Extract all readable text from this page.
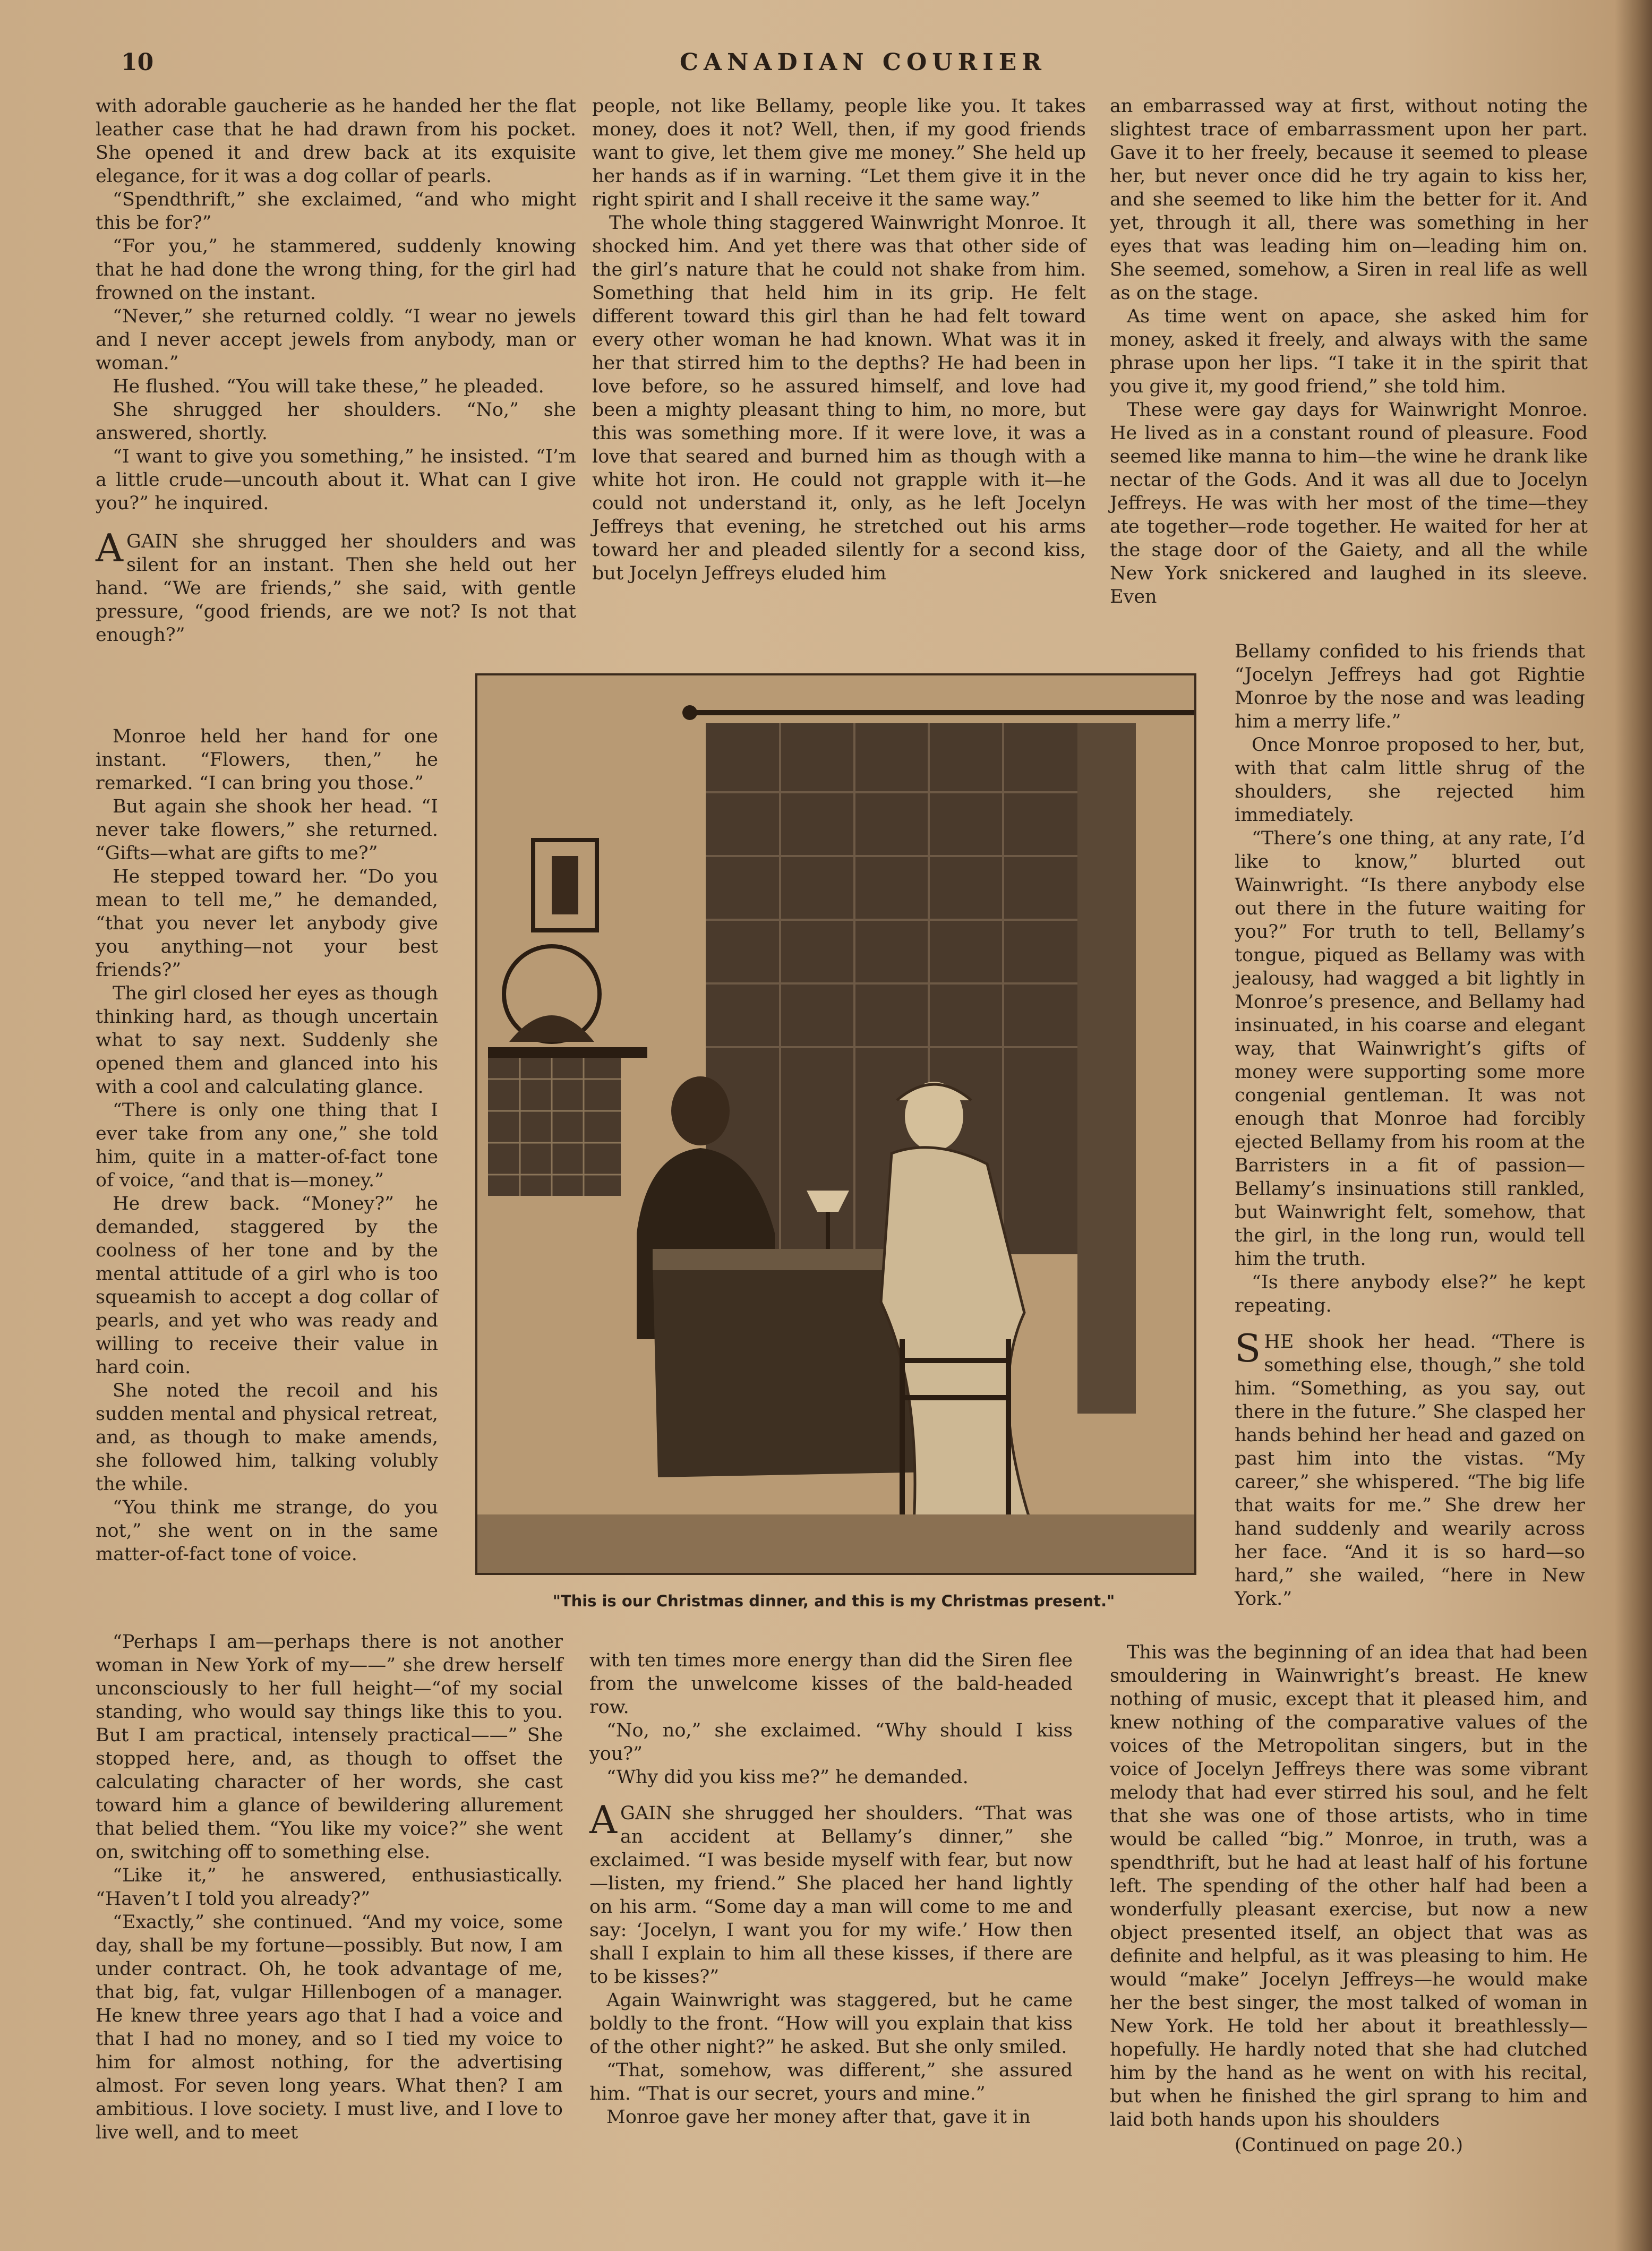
10	CANADIAN COURIER

with adorable gaucherie as he handed her the flat leather case that he had drawn from his pocket. She opened it and drew back at its exquisite elegance, for it was a dog collar of pearls.

“Spendthrift,” she exclaimed, “and who might this be for?”

“For you,” he stammered, suddenly knowing that he had done the wrong thing, for the girl had frowned on the instant.

“Never,” she returned coldly. “I wear no jewels and I never accept jewels from anybody, man or woman.”

He flushed. “You will take these,” he pleaded.

She shrugged her shoulders. “No,” she answered, shortly.

“I want to give you something,” he insisted. “I’m a little crude—uncouth about it. What can I give you?” he inquired.

AGAIN she shrugged her shoulders and was silent for an instant. Then she held out her hand. “We are friends,” she said, with gentle pressure, “good friends, are we not? Is not that enough?”

Monroe held her hand for one instant. “Flowers, then,” he remarked. “I can bring you those.”

But again she shook her head. “I never take flowers,” she returned. “Gifts—what are gifts to me?”

He stepped toward her. “Do you mean to tell me,” he demanded, “that you never let anybody give you anything—not your best friends?”

The girl closed her eyes as though thinking hard, as though uncertain what to say next. Suddenly she opened them and glanced into his with a cool and calculating glance.

“There is only one thing that I ever take from any one,” she told him, quite in a matter-of-fact tone of voice, “and that is—money.”

He drew back. “Money?” he demanded, staggered by the coolness of her tone and by the mental attitude of a girl who is too squeamish to accept a dog collar of pearls, and yet who was ready and willing to receive their value in hard coin.

She noted the recoil and his sudden mental and physical retreat, and, as though to make amends, she followed him, talking volubly the while.

“You think me strange, do you not,” she went on in the same matter-of-fact tone of voice.

“Perhaps I am—perhaps there is not another woman in New York of my——” she drew herself unconsciously to her full height—“of my social standing, who would say things like this to you. But I am practical, intensely practical——” She stopped here, and, as though to offset the calculating character of her words, she cast toward him a glance of bewildering allurement that belied them. “You like my voice?” she went on, switching off to something else.

“Like it,” he answered, enthusiastically. “Haven’t I told you already?”

“Exactly,” she continued. “And my voice, some day, shall be my fortune—possibly. But now, I am under contract. Oh, he took advantage of me, that big, fat, vulgar Hillenbogen of a manager. He knew three years ago that I had a voice and that I had no money, and so I tied my voice to him for almost nothing, for the advertising almost. For seven long years. What then? I am ambitious. I love society. I must live, and I love to live well, and to meet

people, not like Bellamy, people like you. It takes money, does it not? Well, then, if my good friends want to give, let them give me money.” She held up her hands as if in warning. “Let them give it in the right spirit and I shall receive it the same way.”

The whole thing staggered Wainwright Monroe. It shocked him. And yet there was that other side of the girl’s nature that he could not shake from him. Something that held him in its grip. He felt different toward this girl than he had felt toward every other woman he had known. What was it in her that stirred him to the depths? He had been in love before, so he assured himself, and love had been a mighty pleasant thing to him, no more, but this was something more. If it were love, it was a love that seared and burned him as though with a white hot iron. He could not grapple with it—he could not understand it, only, as he left Jocelyn Jeffreys that evening, he stretched out his arms toward her and pleaded silently for a second kiss, but Jocelyn Jeffreys eluded him

with ten times more energy than did the Siren flee from the unwelcome kisses of the bald-headed row.

“No, no,” she exclaimed. “Why should I kiss you?”

“Why did you kiss me?” he demanded.

AGAIN she shrugged her shoulders. “That was an accident at Bellamy’s dinner,” she exclaimed. “I was beside myself with fear, but now—listen, my friend.” She placed her hand lightly on his arm. “Some day a man will come to me and say: ‘Jocelyn, I want you for my wife.’ How then shall I explain to him all these kisses, if there are to be kisses?”

Again Wainwright was staggered, but he came boldly to the front. “How will you explain that kiss of the other night?” he asked. But she only smiled.

“That, somehow, was different,” she assured him. “That is our secret, yours and mine.”

Monroe gave her money after that, gave it in

an embarrassed way at first, without noting the slightest trace of embarrassment upon her part. Gave it to her freely, because it seemed to please her, but never once did he try again to kiss her, and she seemed to like him the better for it. And yet, through it all, there was something in her eyes that was leading him on—leading him on. She seemed, somehow, a Siren in real life as well as on the stage.

As time went on apace, she asked him for money, asked it freely, and always with the same phrase upon her lips. “I take it in the spirit that you give it, my good friend,” she told him.

These were gay days for Wainwright Monroe. He lived as in a constant round of pleasure. Food seemed like manna to him—the wine he drank like nectar of the Gods. And it was all due to Jocelyn Jeffreys. He was with her most of the time—they ate together—rode together. He waited for her at the stage door of the Gaiety, and all the while New York snickered and laughed in its sleeve. Even

Bellamy confided to his friends that “Jocelyn Jeffreys had got Rightie Monroe by the nose and was leading him a merry life.”

Once Monroe proposed to her, but, with that calm little shrug of the shoulders, she rejected him immediately.

“There’s one thing, at any rate, I’d like to know,” blurted out Wainwright. “Is there anybody else out there in the future waiting for you?” For truth to tell, Bellamy’s tongue, piqued as Bellamy was with jealousy, had wagged a bit lightly in Monroe’s presence, and Bellamy had insinuated, in his coarse and elegant way, that Wainwright’s gifts of money were supporting some more congenial gentleman. It was not enough that Monroe had forcibly ejected Bellamy from his room at the Barristers in a fit of passion—Bellamy’s insinuations still rankled, but Wainwright felt, somehow, that the girl, in the long run, would tell him the truth.

“Is there anybody else?” he kept repeating.

SHE shook her head. “There is something else, though,” she told him. “Something, as you say, out there in the future.” She clasped her hands behind her head and gazed on past him into the vistas. “My career,” she whispered. “The big life that waits for me.” She drew her hand suddenly and wearily across her face. “And it is so hard—so hard,” she wailed, “here in New York.”

This was the beginning of an idea that had been smouldering in Wainwright’s breast. He knew nothing of music, except that it pleased him, and knew nothing of the comparative values of the voices of the Metropolitan singers, but in the voice of Jocelyn Jeffreys there was some vibrant melody that had ever stirred his soul, and he felt that she was one of those artists, who in time would be called “big.” Monroe, in truth, was a spendthrift, but he had at least half of his fortune left. The spending of the other half had been a wonderfully pleasant exercise, but now a new object presented itself, an object that was as definite and helpful, as it was pleasing to him. He would “make” Jocelyn Jeffreys—he would make her the best singer, the most talked of woman in New York. He told her about it breathlessly—hopefully. He hardly noted that she had clutched him by the hand as he went on with his recital, but when he finished the girl sprang to him and laid both hands upon his shoulders

(Continued on page 20.)

"This is our Christmas dinner, and this is my Christmas present."
